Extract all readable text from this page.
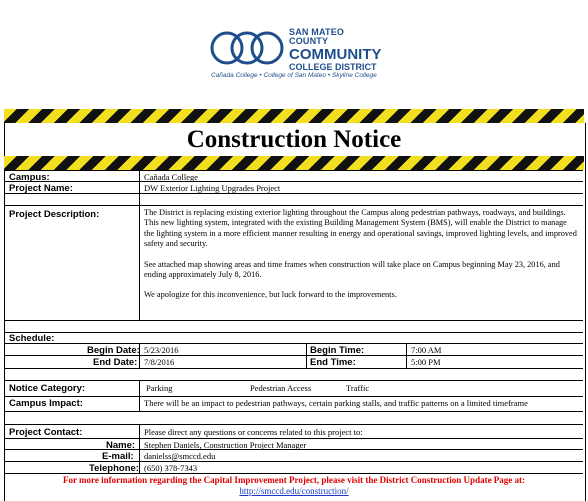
SAN MATEO COUNTY
COMMUNITY
COLLEGE DISTRICT
Cañada College • College of San Mateo • Skyline College
Construction Notice
Campus:	Cañada College
Project Name:	DW Exterior Lighting Upgrades Project
Project Description:	The District is replacing existing exterior lighting throughout the Campus along pedestrian pathways, roadways, and buildings. This new lighting system, integrated with the existing Building Management System (BMS), will enable the District to manage the lighting system in a more efficient manner resulting in energy and operational savings, improved lighting levels, and improved safety and security.

See attached map showing areas and time frames when construction will take place on Campus beginning May 23, 2016, and ending approximately July 8, 2016.

We apologize for this inconvenience, but luck forward to the improvements.

Schedule:
Begin Date: 5/23/2016	Begin Time:	7:00 AM
End Date: 7/8/2016	End Time:	5:00 PM
Notice Category:	Parking	Pedestrian Access	Traffic
Campus Impact:	There will be an impact to pedestrian pathways, certain parking stalls, and traffic patterns on a limited timeframe
Project Contact:	Please direct any questions or concerns related to this project to:
Name: Stephen Daniels, Construction Project Manager
E-mail: danielss@smccd.edu
Telephone: (650) 378-7343
For more information regarding the Capital Improvement Project, please visit the District Construction Update Page at:
http://smccd.edu/construction/
